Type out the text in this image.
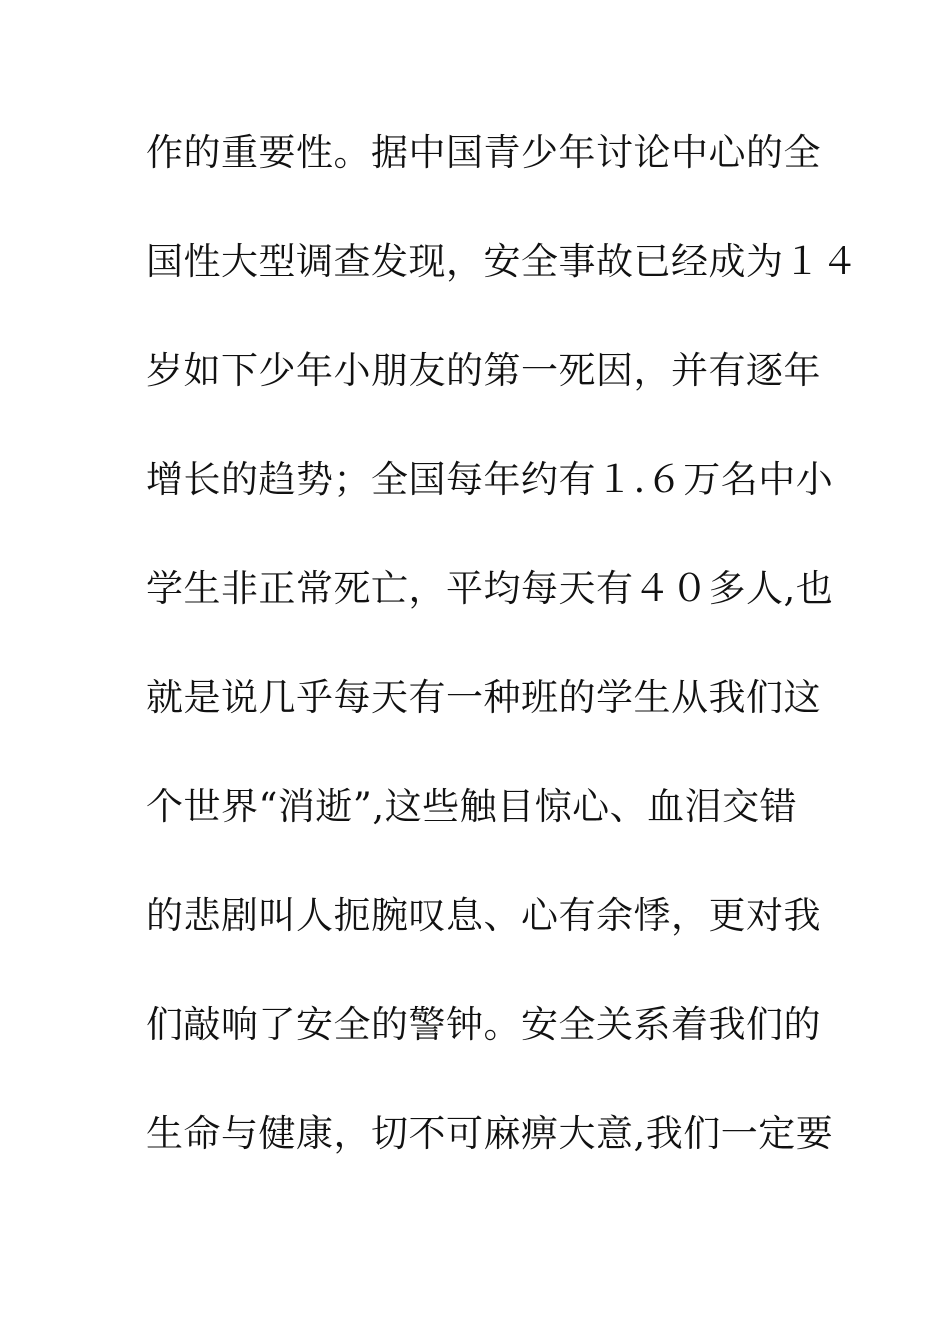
作的重要性。据中国青少年讨论中心的全
国性大型调查发现，安全事故已经成为１４
岁如下少年小朋友的第一死因，并有逐年
增长的趋势；全国每年约有１.６万名中小
学生非正常死亡，平均每天有４０多人,也
就是说几乎每天有一种班的学生从我们这
个世界“消逝”,这些触目惊心、血泪交错
的悲剧叫人扼腕叹息、心有余悸，更对我
们敲响了安全的警钟。安全关系着我们的
生命与健康，切不可麻痹大意,我们一定要
